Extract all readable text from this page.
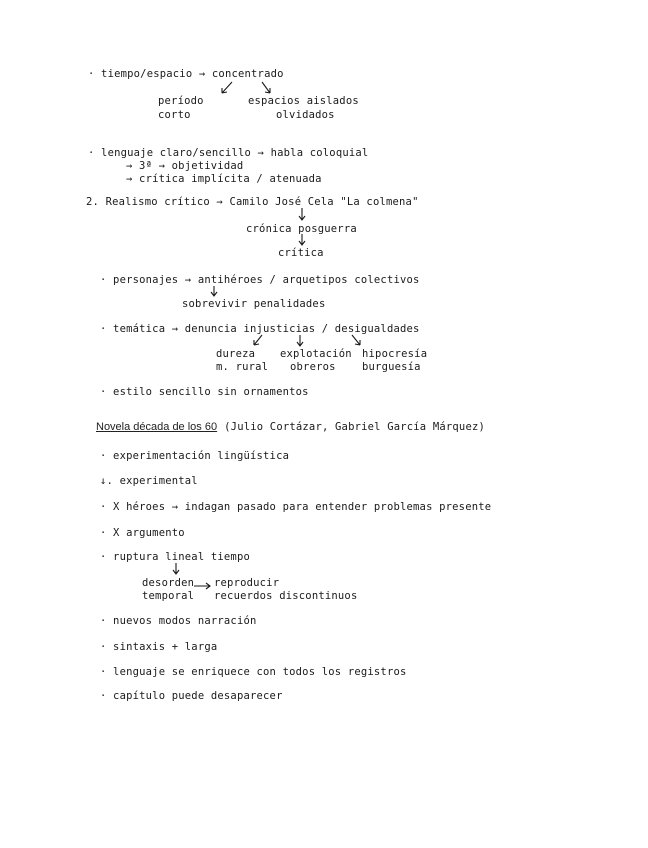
· tiempo/espacio → concentrado
período
corto
espacios aislados
olvidados
· lenguaje claro/sencillo → habla coloquial
→ 3ª → objetividad
→ crítica implícita / atenuada
2. Realismo crítico → Camilo José Cela "La colmena"
crónica posguerra
crítica
· personajes → antihéroes / arquetipos colectivos
sobrevivir penalidades
· temática → denuncia injusticias / desigualdades
dureza
m. rural
explotación
obreros
hipocresía
burguesía
· estilo sencillo sin ornamentos
Novela década de los 60 (Julio Cortázar, Gabriel García Márquez)
· experimentación lingüística
↓. experimental
· X héroes → indagan pasado para entender problemas presente
· X argumento
· ruptura lineal tiempo
desorden
temporal
reproducir
recuerdos discontinuos
· nuevos modos narración
· sintaxis + larga
· lenguaje se enriquece con todos los registros
· capítulo puede desaparecer
